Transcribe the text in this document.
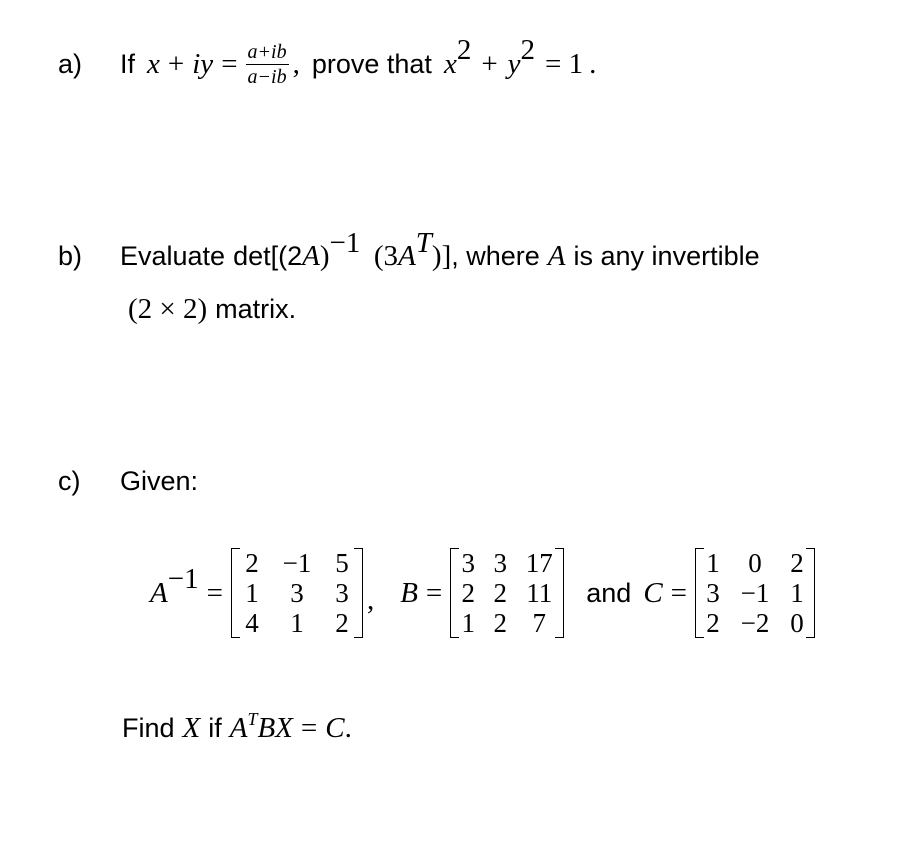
a)	If x + iy = $\frac{a+ib}{a-ib}$ , prove that $x^2 + y^2 = 1$ .
b)	Evaluate $\det[(2A)^{-1}$ $(3A^T)$] , where A is any invertible
(2 × 2) matrix.
c)	Given:
$A^{-1}$ =
2 −1 5
1	3	3
4	1	2
, B =
3 3 17
2 2 11
1 2 7
and C =
1	0	2
3 −1 1
2 −2 0
Find X if $A^T$ BX = C .
